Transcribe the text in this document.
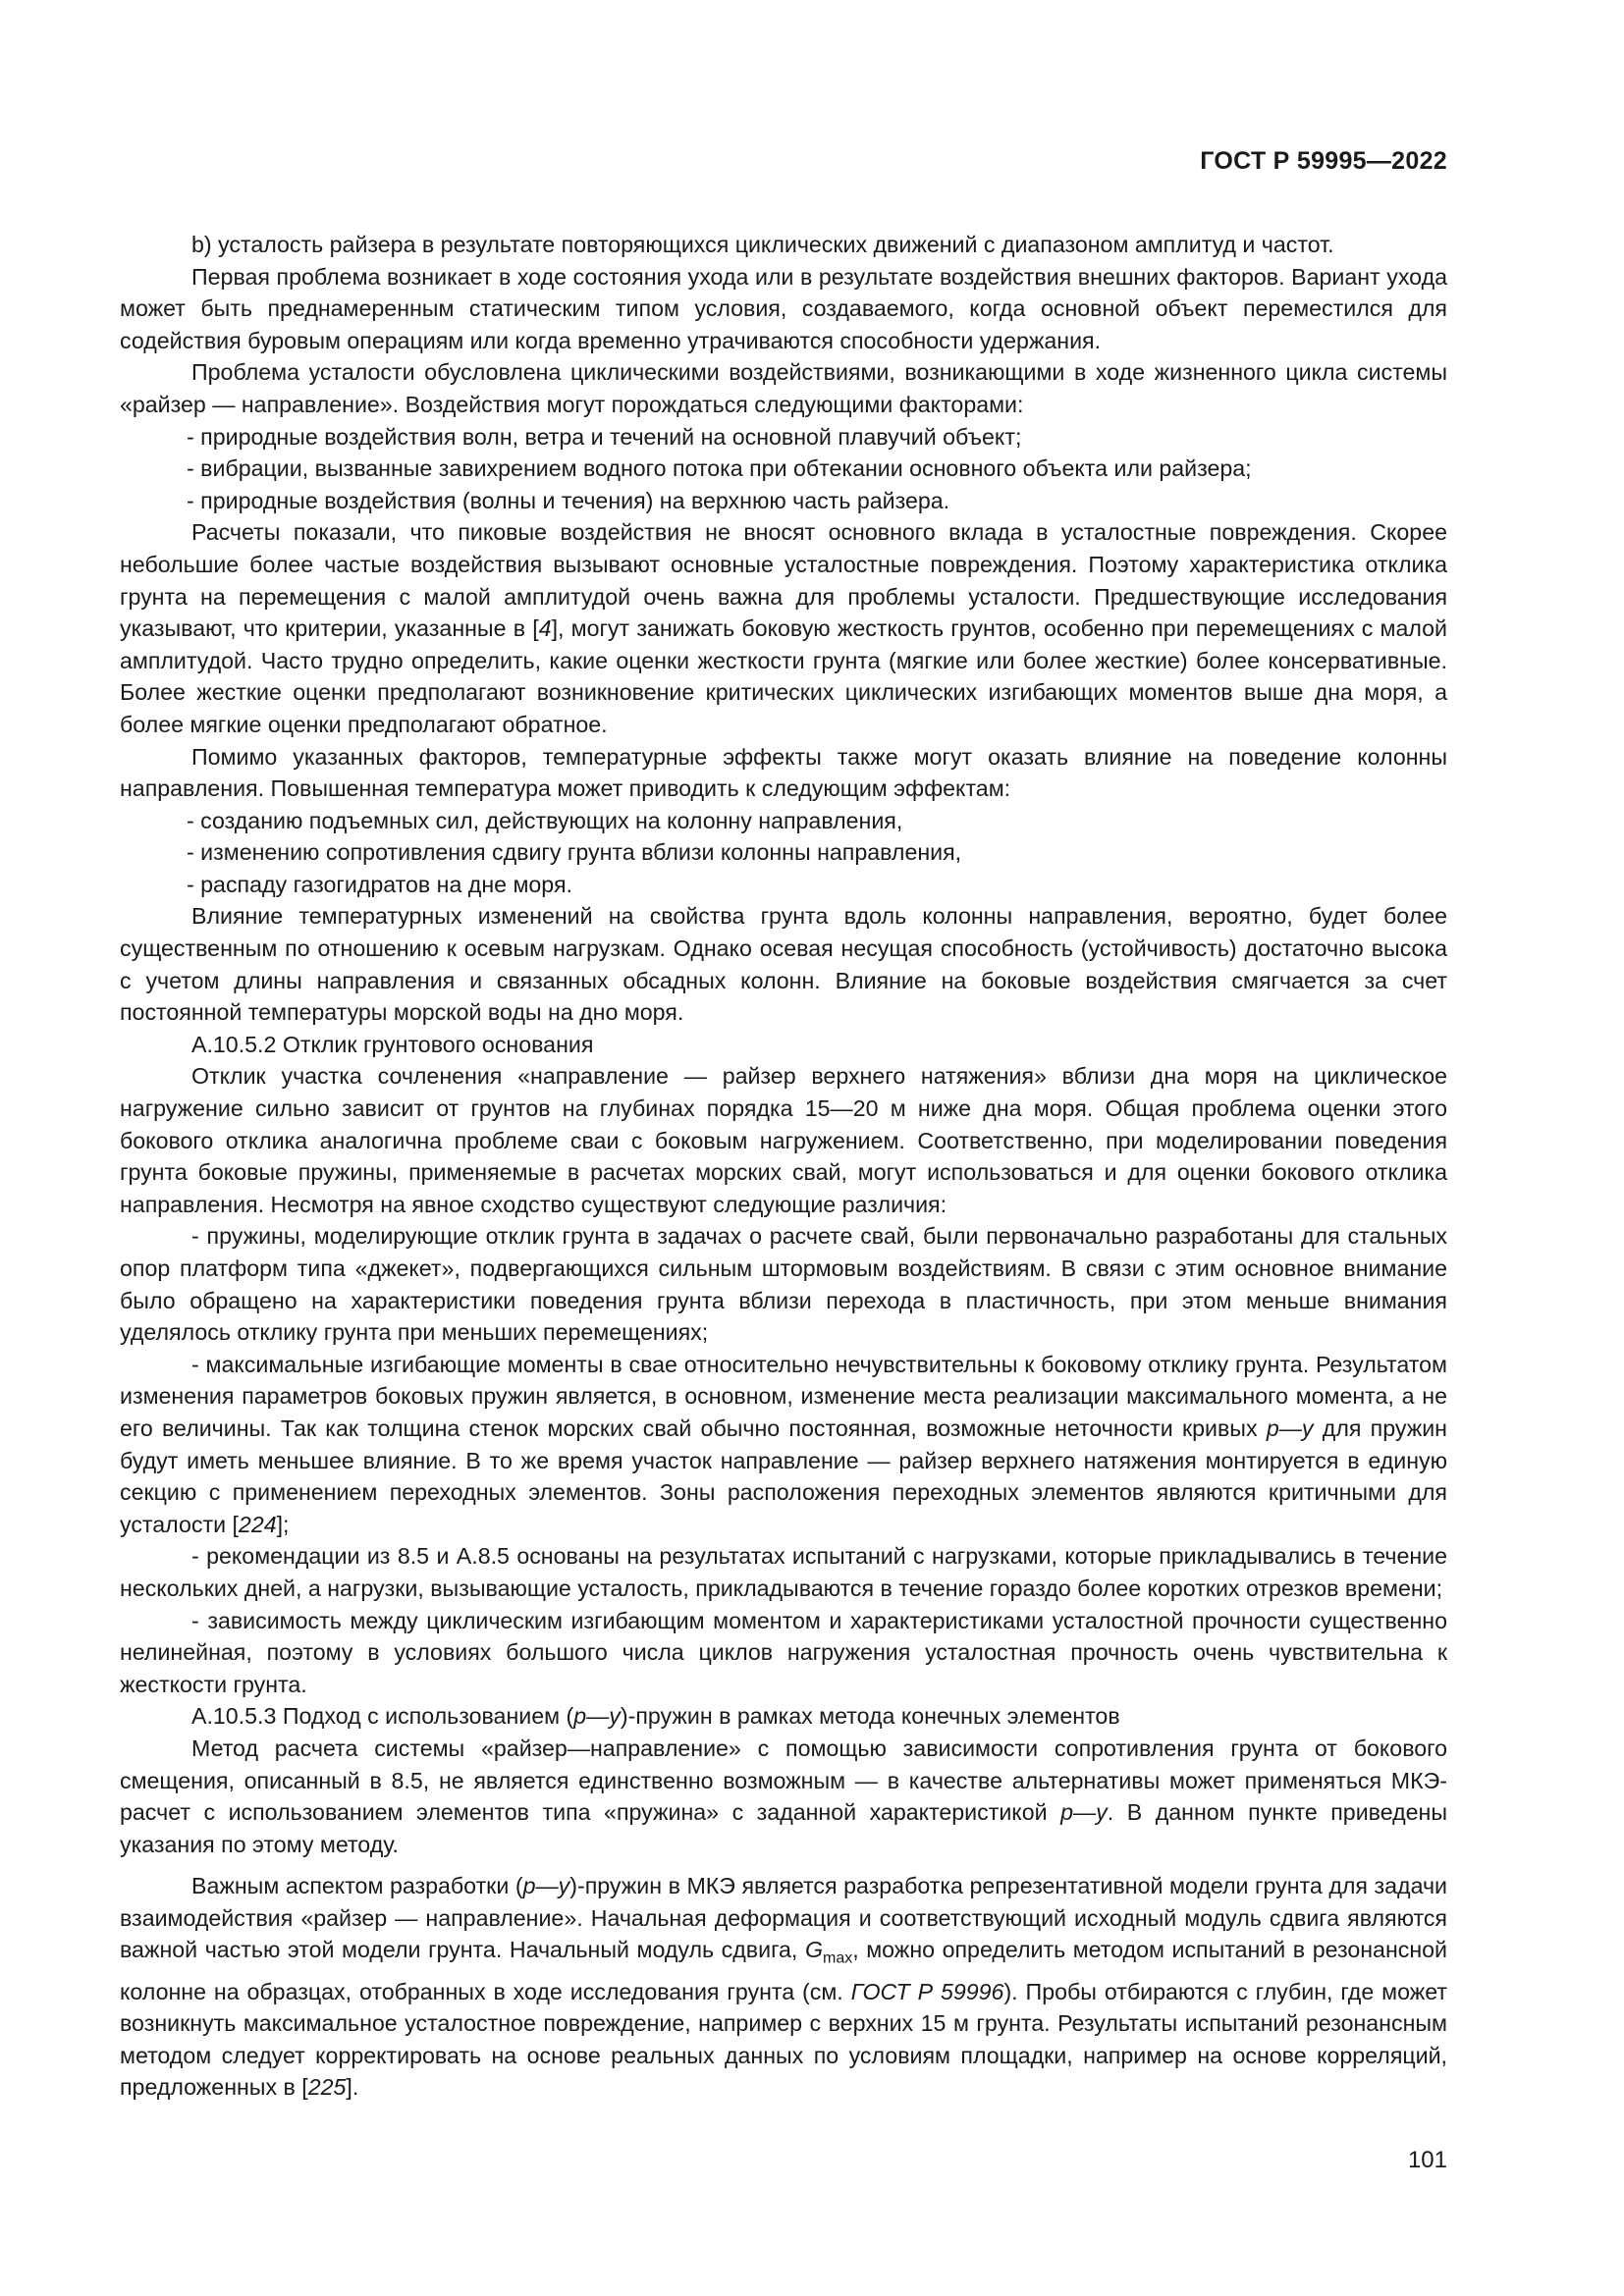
ГОСТ Р 59995—2022

b) усталость райзера в результате повторяющихся циклических движений с диапазоном амплитуд и частот.

Первая проблема возникает в ходе состояния ухода или в результате воздействия внешних факторов. Вариант ухода может быть преднамеренным статическим типом условия, создаваемого, когда основной объект переместился для содействия буровым операциям или когда временно утрачиваются способности удержания.

Проблема усталости обусловлена циклическими воздействиями, возникающими в ходе жизненного цикла системы «райзер — направление». Воздействия могут порождаться следующими факторами:

- природные воздействия волн, ветра и течений на основной плавучий объект;

- вибрации, вызванные завихрением водного потока при обтекании основного объекта или райзера;

- природные воздействия (волны и течения) на верхнюю часть райзера.

Расчеты показали, что пиковые воздействия не вносят основного вклада в усталостные повреждения. Скорее небольшие более частые воздействия вызывают основные усталостные повреждения. Поэтому характеристика отклика грунта на перемещения с малой амплитудой очень важна для проблемы усталости. Предшествующие исследования указывают, что критерии, указанные в [4], могут занижать боковую жесткость грунтов, особенно при перемещениях с малой амплитудой. Часто трудно определить, какие оценки жесткости грунта (мягкие или более жесткие) более консервативные. Более жесткие оценки предполагают возникновение критических циклических изгибающих моментов выше дна моря, а более мягкие оценки предполагают обратное.

Помимо указанных факторов, температурные эффекты также могут оказать влияние на поведение колонны направления. Повышенная температура может приводить к следующим эффектам:

- созданию подъемных сил, действующих на колонну направления,

- изменению сопротивления сдвигу грунта вблизи колонны направления,

- распаду газогидратов на дне моря.

Влияние температурных изменений на свойства грунта вдоль колонны направления, вероятно, будет более существенным по отношению к осевым нагрузкам. Однако осевая несущая способность (устойчивость) достаточно высока с учетом длины направления и связанных обсадных колонн. Влияние на боковые воздействия смягчается за счет постоянной температуры морской воды на дно моря.

А.10.5.2 Отклик грунтового основания

Отклик участка сочленения «направление — райзер верхнего натяжения» вблизи дна моря на циклическое нагружение сильно зависит от грунтов на глубинах порядка 15—20 м ниже дна моря. Общая проблема оценки этого бокового отклика аналогична проблеме сваи с боковым нагружением. Соответственно, при моделировании поведения грунта боковые пружины, применяемые в расчетах морских свай, могут использоваться и для оценки бокового отклика направления. Несмотря на явное сходство существуют следующие различия:

- пружины, моделирующие отклик грунта в задачах о расчете свай, были первоначально разработаны для стальных опор платформ типа «джекет», подвергающихся сильным штормовым воздействиям. В связи с этим основное внимание было обращено на характеристики поведения грунта вблизи перехода в пластичность, при этом меньше внимания уделялось отклику грунта при меньших перемещениях;

- максимальные изгибающие моменты в свае относительно нечувствительны к боковому отклику грунта. Результатом изменения параметров боковых пружин является, в основном, изменение места реализации максимального момента, а не его величины. Так как толщина стенок морских свай обычно постоянная, возможные неточности кривых p—y для пружин будут иметь меньшее влияние. В то же время участок направление — райзер верхнего натяжения монтируется в единую секцию с применением переходных элементов. Зоны расположения переходных элементов являются критичными для усталости [224];

- рекомендации из 8.5 и А.8.5 основаны на результатах испытаний с нагрузками, которые прикладывались в течение нескольких дней, а нагрузки, вызывающие усталость, прикладываются в течение гораздо более коротких отрезков времени;

- зависимость между циклическим изгибающим моментом и характеристиками усталостной прочности существенно нелинейная, поэтому в условиях большого числа циклов нагружения усталостная прочность очень чувствительна к жесткости грунта.

А.10.5.3 Подход с использованием (p—y)-пружин в рамках метода конечных элементов

Метод расчета системы «райзер—направление» с помощью зависимости сопротивления грунта от бокового смещения, описанный в 8.5, не является единственно возможным — в качестве альтернативы может применяться МКЭ-расчет с использованием элементов типа «пружина» с заданной характеристикой p—y. В данном пункте приведены указания по этому методу.

Важным аспектом разработки (p—y)-пружин в МКЭ является разработка репрезентативной модели грунта для задачи взаимодействия «райзер — направление». Начальная деформация и соответствующий исходный модуль сдвига являются важной частью этой модели грунта. Начальный модуль сдвига, $G_{max}$, можно определить методом испытаний в резонансной колонне на образцах, отобранных в ходе исследования грунта (см. ГОСТ Р 59996). Пробы отбираются с глубин, где может возникнуть максимальное усталостное повреждение, например с верхних 15 м грунта. Результаты испытаний резонансным методом следует корректировать на основе реальных данных по условиям площадки, например на основе корреляций, предложенных в [225].

101
